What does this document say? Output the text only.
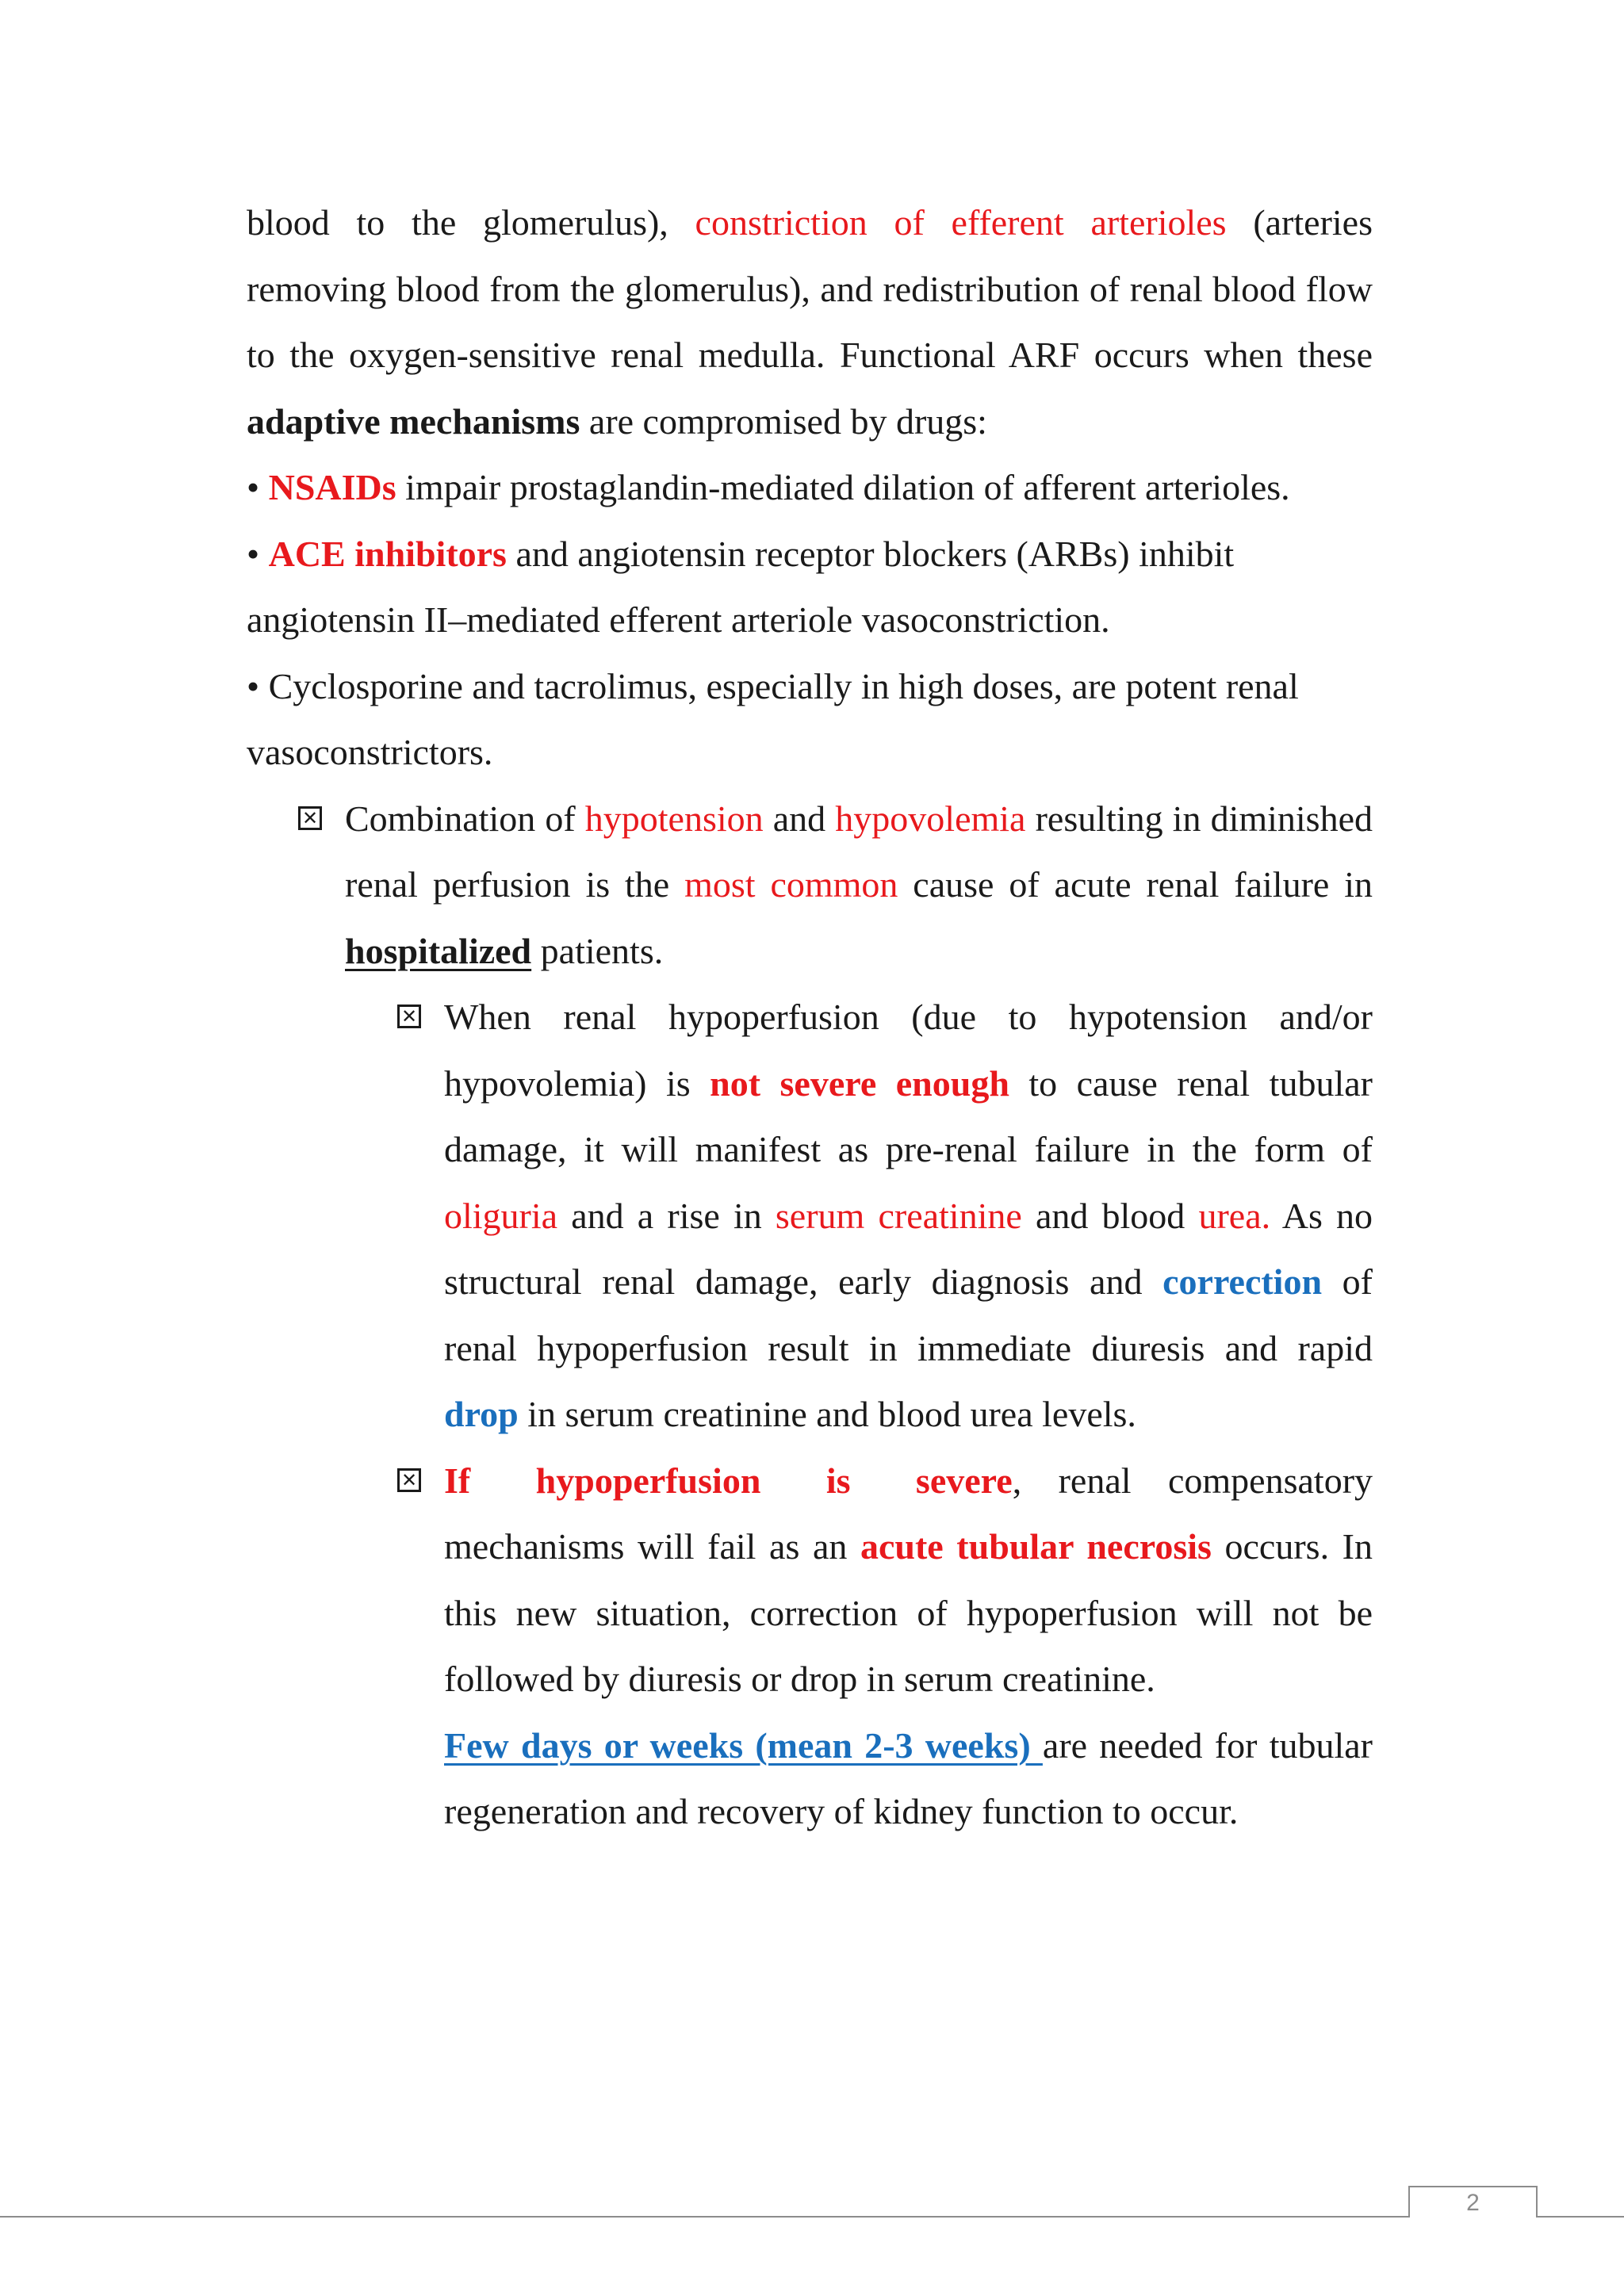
blood to the glomerulus), constriction of efferent arterioles (arteries removing blood from the glomerulus), and redistribution of renal blood flow to the oxygen-sensitive renal medulla. Functional ARF occurs when these adaptive mechanisms are compromised by drugs:

• NSAIDs impair prostaglandin-mediated dilation of afferent arterioles.

• ACE inhibitors and angiotensin receptor blockers (ARBs) inhibit angiotensin II–mediated efferent arteriole vasoconstriction.

• Cyclosporine and tacrolimus, especially in high doses, are potent renal vasoconstrictors.

✕ Combination of hypotension and hypovolemia resulting in diminished renal perfusion is the most common cause of acute renal failure in hospitalized patients.

✕ When renal hypoperfusion (due to hypotension and/or hypovolemia) is not severe enough to cause renal tubular damage, it will manifest as pre-renal failure in the form of oliguria and a rise in serum creatinine and blood urea. As no structural renal damage, early diagnosis and correction of renal hypoperfusion result in immediate diuresis and rapid drop in serum creatinine and blood urea levels.

✕ If hypoperfusion is severe, renal compensatory mechanisms will fail as an acute tubular necrosis occurs. In this new situation, correction of hypoperfusion will not be followed by diuresis or drop in serum creatinine.

Few days or weeks (mean 2-3 weeks) are needed for tubular regeneration and recovery of kidney function to occur.

2
